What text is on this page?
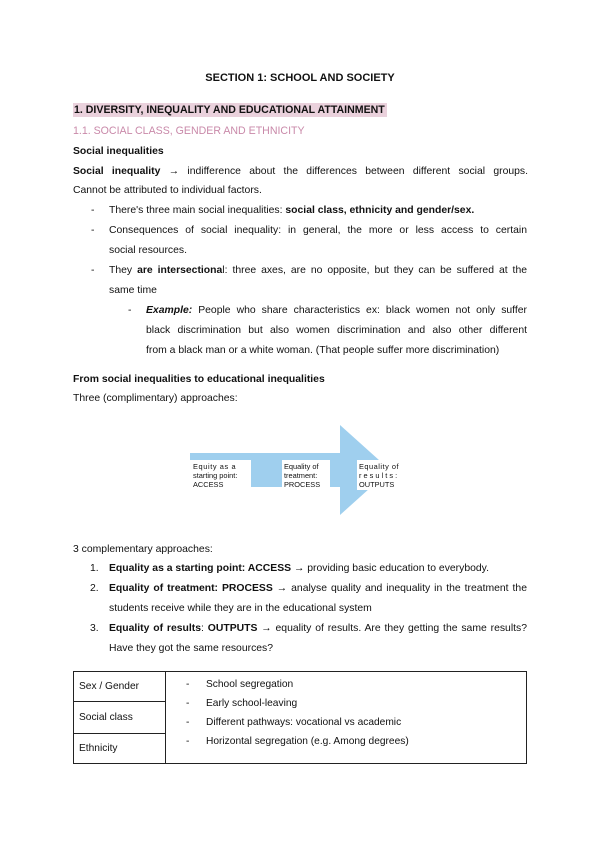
SECTION 1: SCHOOL AND SOCIETY
1. DIVERSITY, INEQUALITY AND EDUCATIONAL ATTAINMENT
1.1. SOCIAL CLASS, GENDER AND ETHNICITY
Social inequalities
Social inequality → indifference about the differences between different social groups.
Cannot be attributed to individual factors.
- There's three main social inequalities: social class, ethnicity and gender/sex.
- Consequences of social inequality: in general, the more or less access to certain
social resources.
- They are intersectional: three axes, are no opposite, but they can be suffered at the
same time
- Example: People who share characteristics ex: black women not only suffer
black discrimination but also women discrimination and also other different
from a black man or a white woman. (That people suffer more discrimination)
From social inequalities to educational inequalities
Three (complimentary) approaches:
Equity as a
starting point:
ACCESS
Equality of
treatment:
PROCESS
Equality of
r e s u l t s :
OUTPUTS
3 complementary approaches:
1. Equality as a starting point: ACCESS → providing basic education to everybody.
2. Equality of treatment: PROCESS → analyse quality and inequality in the treatment the
students receive while they are in the educational system
3. Equality of results: OUTPUTS → equality of results. Are they getting the same results?
Have they got the same resources?
Sex / Gender	
Social class
Ethnicity
- School segregation
- Early school-leaving
- Different pathways: vocational vs academic
- Horizontal segregation (e.g. Among degrees)
